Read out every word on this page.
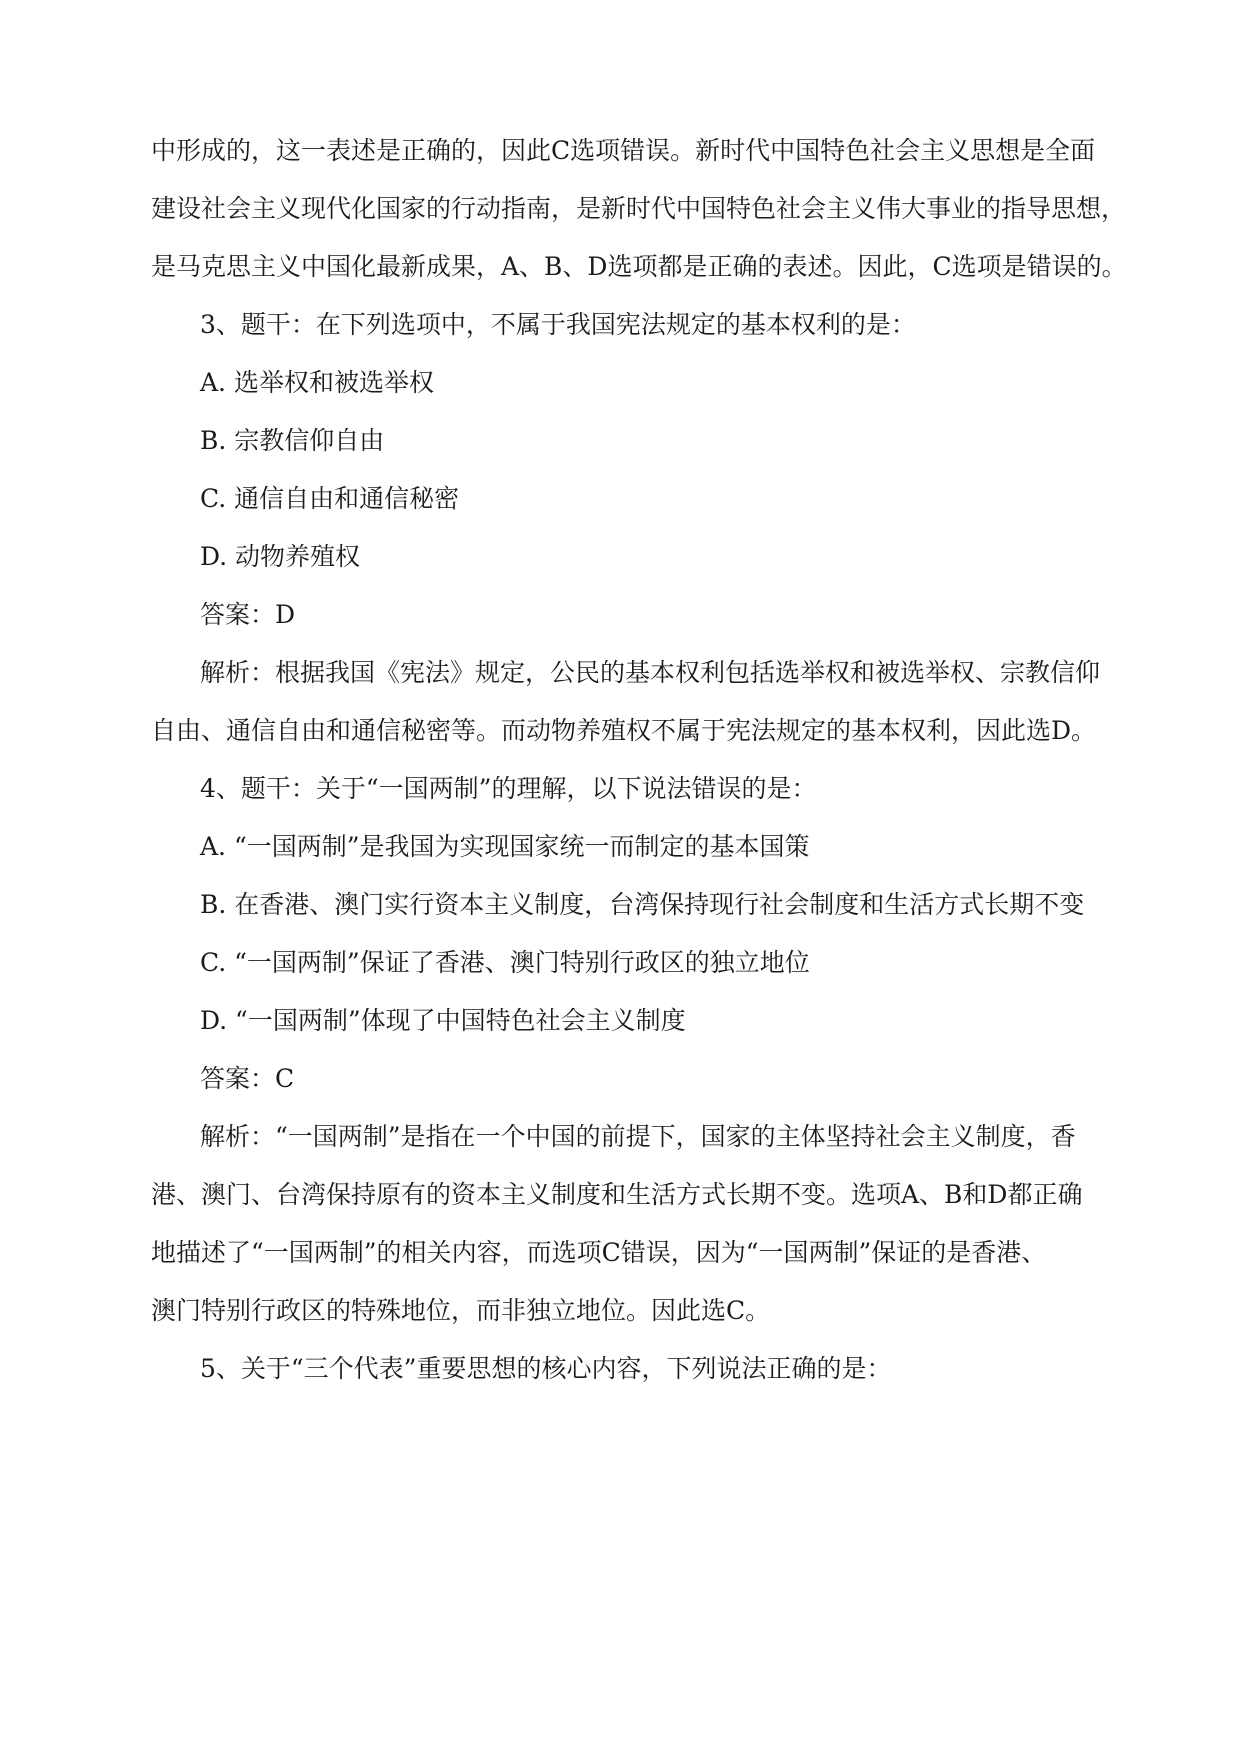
中形成的，这一表述是正确的，因此C选项错误。新时代中国特色社会主义思想是全面
建设社会主义现代化国家的行动指南，是新时代中国特色社会主义伟大事业的指导思想，
是马克思主义中国化最新成果，A、B、D选项都是正确的表述。因此，C选项是错误的。
3、题干：在下列选项中，不属于我国宪法规定的基本权利的是：
A. 选举权和被选举权
B. 宗教信仰自由
C. 通信自由和通信秘密
D. 动物养殖权
答案：D
解析：根据我国《宪法》规定，公民的基本权利包括选举权和被选举权、宗教信仰
自由、通信自由和通信秘密等。而动物养殖权不属于宪法规定的基本权利，因此选D。
4、题干：关于“一国两制”的理解，以下说法错误的是：
A. “一国两制”是我国为实现国家统一而制定的基本国策
B. 在香港、澳门实行资本主义制度，台湾保持现行社会制度和生活方式长期不变
C. “一国两制”保证了香港、澳门特别行政区的独立地位
D. “一国两制”体现了中国特色社会主义制度
答案：C
解析：“一国两制”是指在一个中国的前提下，国家的主体坚持社会主义制度，香
港、澳门、台湾保持原有的资本主义制度和生活方式长期不变。选项A、B和D都正确
地描述了“一国两制”的相关内容，而选项C错误，因为“一国两制”保证的是香港、
澳门特别行政区的特殊地位，而非独立地位。因此选C。
5、关于“三个代表”重要思想的核心内容，下列说法正确的是：
